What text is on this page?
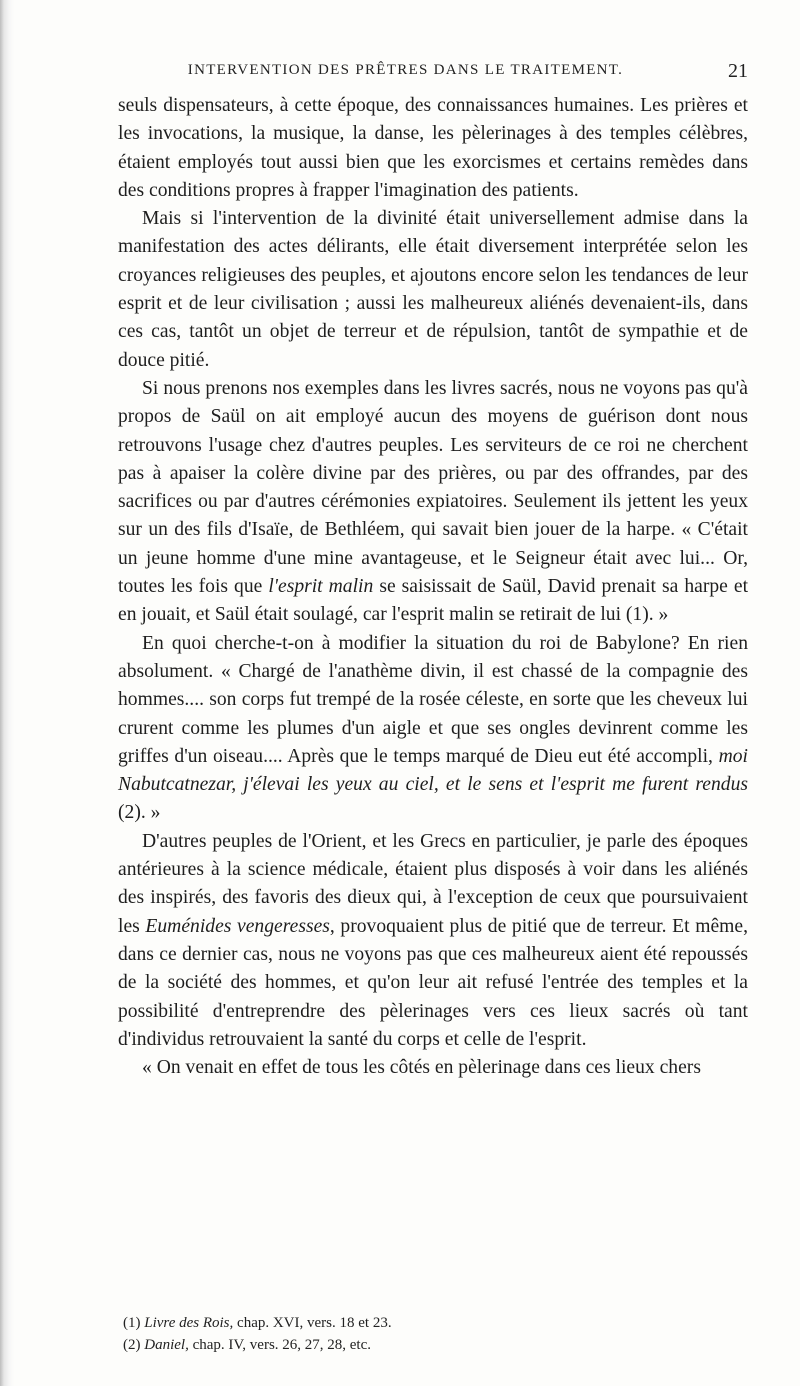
INTERVENTION DES PRÊTRES DANS LE TRAITEMENT.	21

seuls dispensateurs, à cette époque, des connaissances humaines. Les prières et les invocations, la musique, la danse, les pèlerinages à des temples célèbres, étaient employés tout aussi bien que les exorcismes et certains remèdes dans des conditions propres à frapper l'imagination des patients.

Mais si l'intervention de la divinité était universellement admise dans la manifestation des actes délirants, elle était diversement interprétée selon les croyances religieuses des peuples, et ajoutons encore selon les tendances de leur esprit et de leur civilisation ; aussi les malheureux aliénés devenaient-ils, dans ces cas, tantôt un objet de terreur et de répulsion, tantôt de sympathie et de douce pitié.

Si nous prenons nos exemples dans les livres sacrés, nous ne voyons pas qu'à propos de Saül on ait employé aucun des moyens de guérison dont nous retrouvons l'usage chez d'autres peuples. Les serviteurs de ce roi ne cherchent pas à apaiser la colère divine par des prières, ou par des offrandes, par des sacrifices ou par d'autres cérémonies expiatoires. Seulement ils jettent les yeux sur un des fils d'Isaïe, de Bethléem, qui savait bien jouer de la harpe. « C'était un jeune homme d'une mine avantageuse, et le Seigneur était avec lui... Or, toutes les fois que l'esprit malin se saisissait de Saül, David prenait sa harpe et en jouait, et Saül était soulagé, car l'esprit malin se retirait de lui (1). »

En quoi cherche-t-on à modifier la situation du roi de Babylone? En rien absolument. « Chargé de l'anathème divin, il est chassé de la compagnie des hommes.... son corps fut trempé de la rosée céleste, en sorte que les cheveux lui crurent comme les plumes d'un aigle et que ses ongles devinrent comme les griffes d'un oiseau.... Après que le temps marqué de Dieu eut été accompli, moi Nabutcatnezar, j'élevai les yeux au ciel, et le sens et l'esprit me furent rendus (2). »

D'autres peuples de l'Orient, et les Grecs en particulier, je parle des époques antérieures à la science médicale, étaient plus disposés à voir dans les aliénés des inspirés, des favoris des dieux qui, à l'exception de ceux que poursuivaient les Euménides vengeresses, provoquaient plus de pitié que de terreur. Et même, dans ce dernier cas, nous ne voyons pas que ces malheureux aient été repoussés de la société des hommes, et qu'on leur ait refusé l'entrée des temples et la possibilité d'entreprendre des pèlerinages vers ces lieux sacrés où tant d'individus retrouvaient la santé du corps et celle de l'esprit.

« On venait en effet de tous les côtés en pèlerinage dans ces lieux chers

(1) Livre des Rois, chap. XVI, vers. 18 et 23.
(2) Daniel, chap. IV, vers. 26, 27, 28, etc.
